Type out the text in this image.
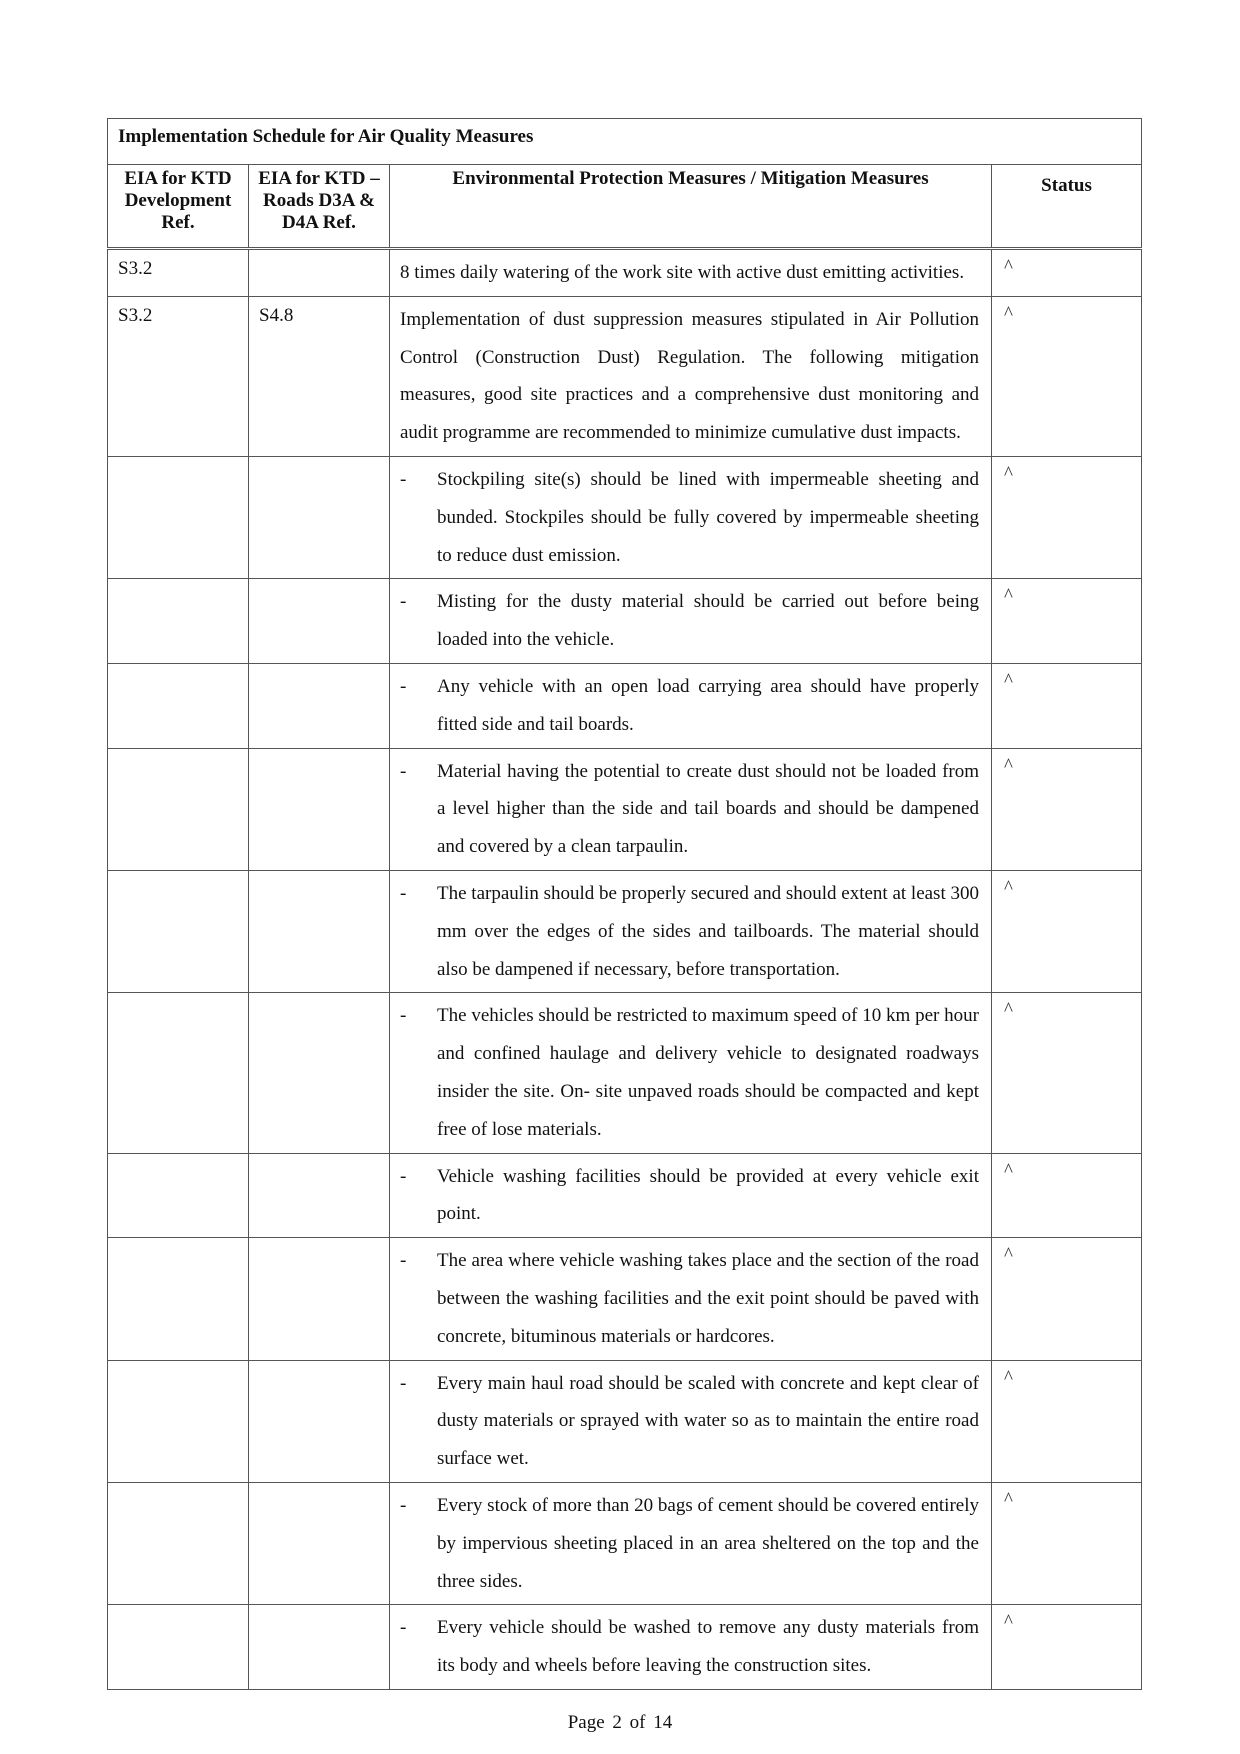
Implementation Schedule for Air Quality Measures			
EIA for KTD Development Ref.	EIA for KTD – Roads D3A & D4A Ref.	Environmental Protection Measures / Mitigation Measures	Status
S3.2		8 times daily watering of the work site with active dust emitting activities.	^
S3.2	S4.8	Implementation of dust suppression measures stipulated in Air Pollution Control (Construction Dust) Regulation. The following mitigation measures, good site practices and a comprehensive dust monitoring and audit programme are recommended to minimize cumulative dust impacts.	^

		- Stockpiling site(s) should be lined with impermeable sheeting and bunded. Stockpiles should be fully covered by impermeable sheeting to reduce dust emission.	^

		- Misting for the dusty material should be carried out before being loaded into the vehicle.	^

		- Any vehicle with an open load carrying area should have properly fitted side and tail boards.	^

		- Material having the potential to create dust should not be loaded from a level higher than the side and tail boards and should be dampened and covered by a clean tarpaulin.	^

		- The tarpaulin should be properly secured and should extent at least 300 mm over the edges of the sides and tailboards. The material should also be dampened if necessary, before transportation.	^

		- The vehicles should be restricted to maximum speed of 10 km per hour and confined haulage and delivery vehicle to designated roadways insider the site. On- site unpaved roads should be compacted and kept free of lose materials.	^

		- Vehicle washing facilities should be provided at every vehicle exit point.	^

		- The area where vehicle washing takes place and the section of the road between the washing facilities and the exit point should be paved with concrete, bituminous materials or hardcores.	^

		- Every main haul road should be scaled with concrete and kept clear of dusty materials or sprayed with water so as to maintain the entire road surface wet.	^

		- Every stock of more than 20 bags of cement should be covered entirely by impervious sheeting placed in an area sheltered on the top and the three sides.	^

		- Every vehicle should be washed to remove any dusty materials from its body and wheels before leaving the construction sites.	^
Page 2 of 14
